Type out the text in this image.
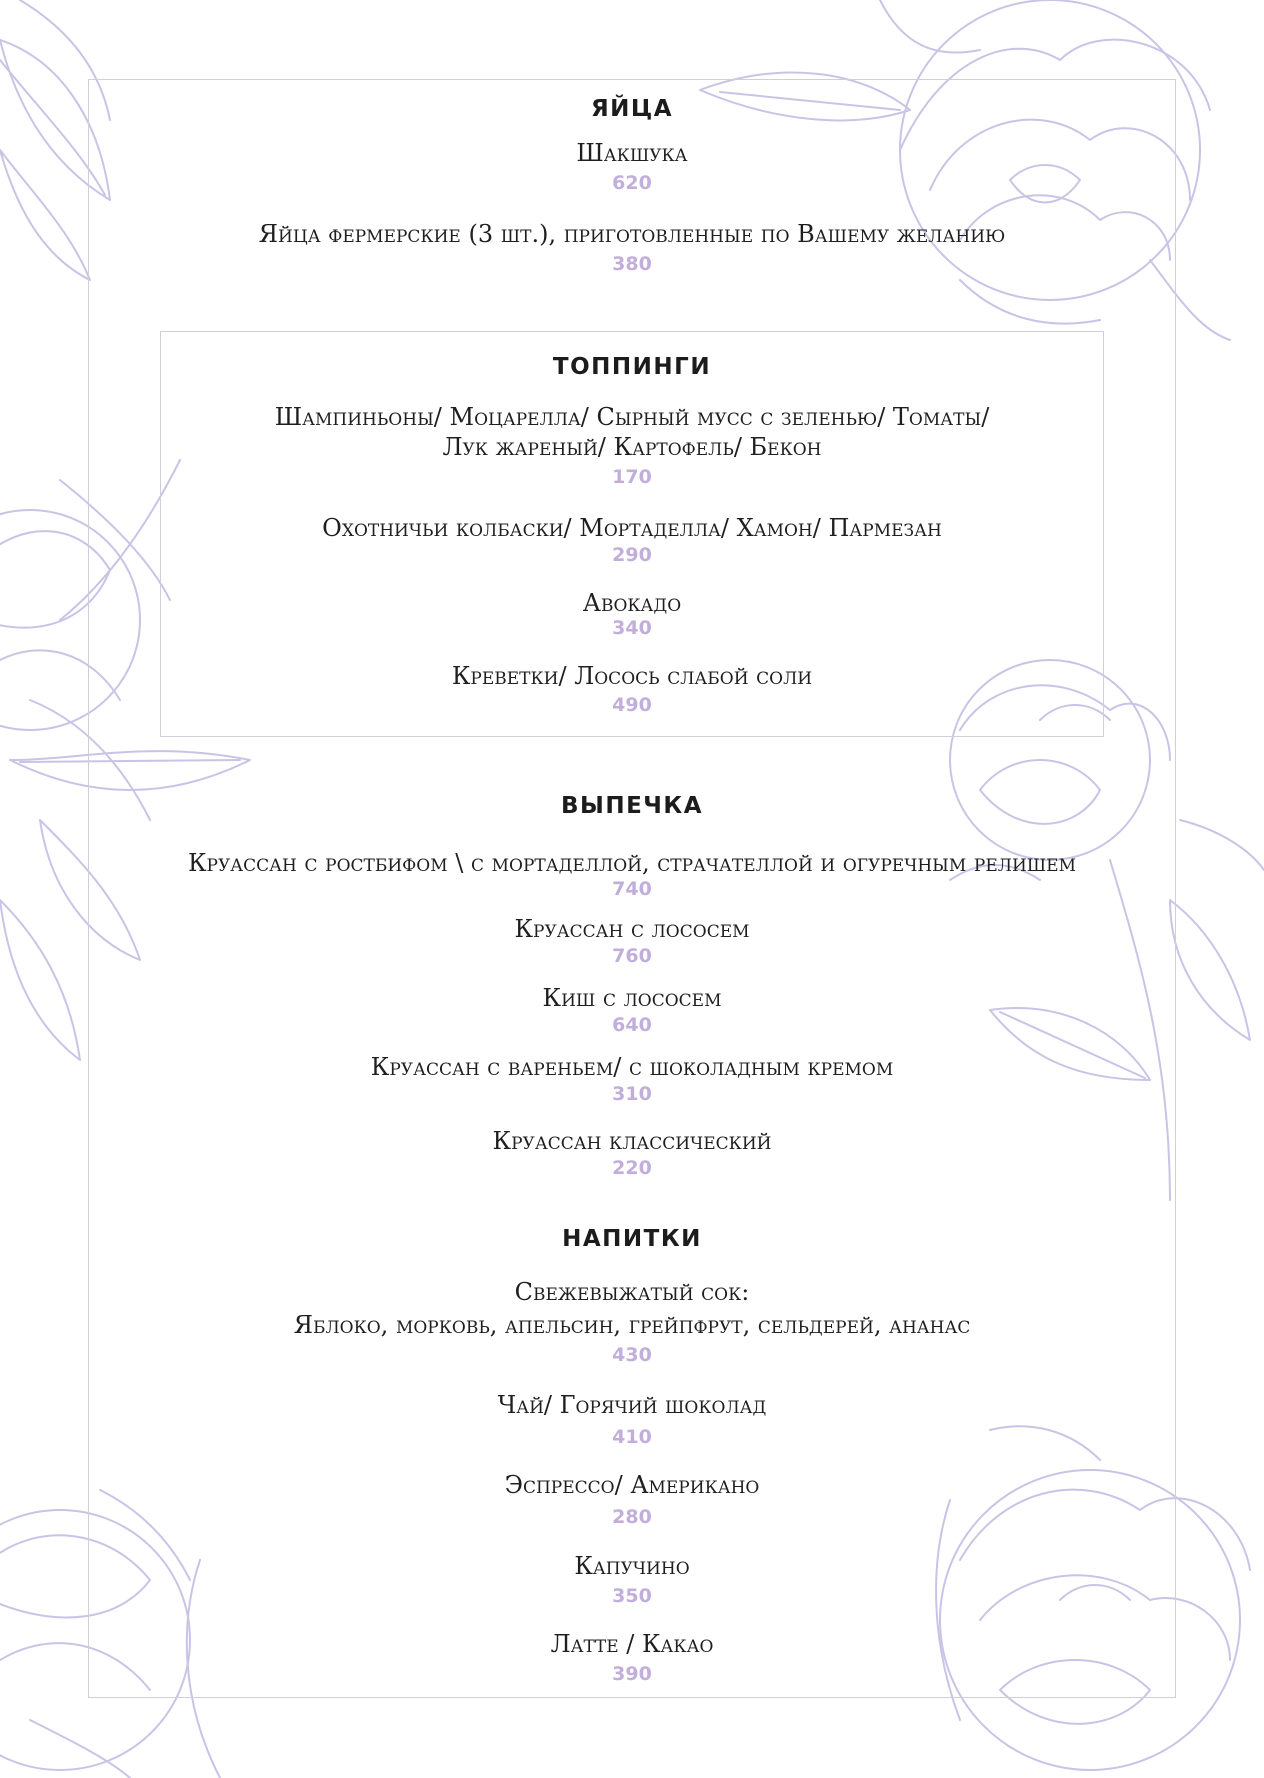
ЯЙЦА
Шакшука
620
Яйца фермерские (3 шт.), приготовленные по Вашему желанию
380
ТОППИНГИ
Шампиньоны/ Моцарелла/ Сырный мусс с зеленью/ Томаты/
Лук жареный/ Картофель/ Бекон
170
Охотничьи колбаски/ Мортаделла/ Хамон/ Пармезан
290
Авокадо
340
Креветки/ Лосось слабой соли
490
ВЫПЕЧКА
Круассан с ростбифом \ с мортаделлой, страчателлой и огуречным релишем
740
Круассан с лососем
760
Киш с лососем
640
Круассан с вареньем/ с шоколадным кремом
310
Круассан классический
220
НАПИТКИ
Свежевыжатый сок:
Яблоко, морковь, апельсин, грейпфрут, сельдерей, ананас
430
Чай/ Горячий шоколад
410
Эспрессо/ Американо
280
Капучино
350
Латте / Какао
390
